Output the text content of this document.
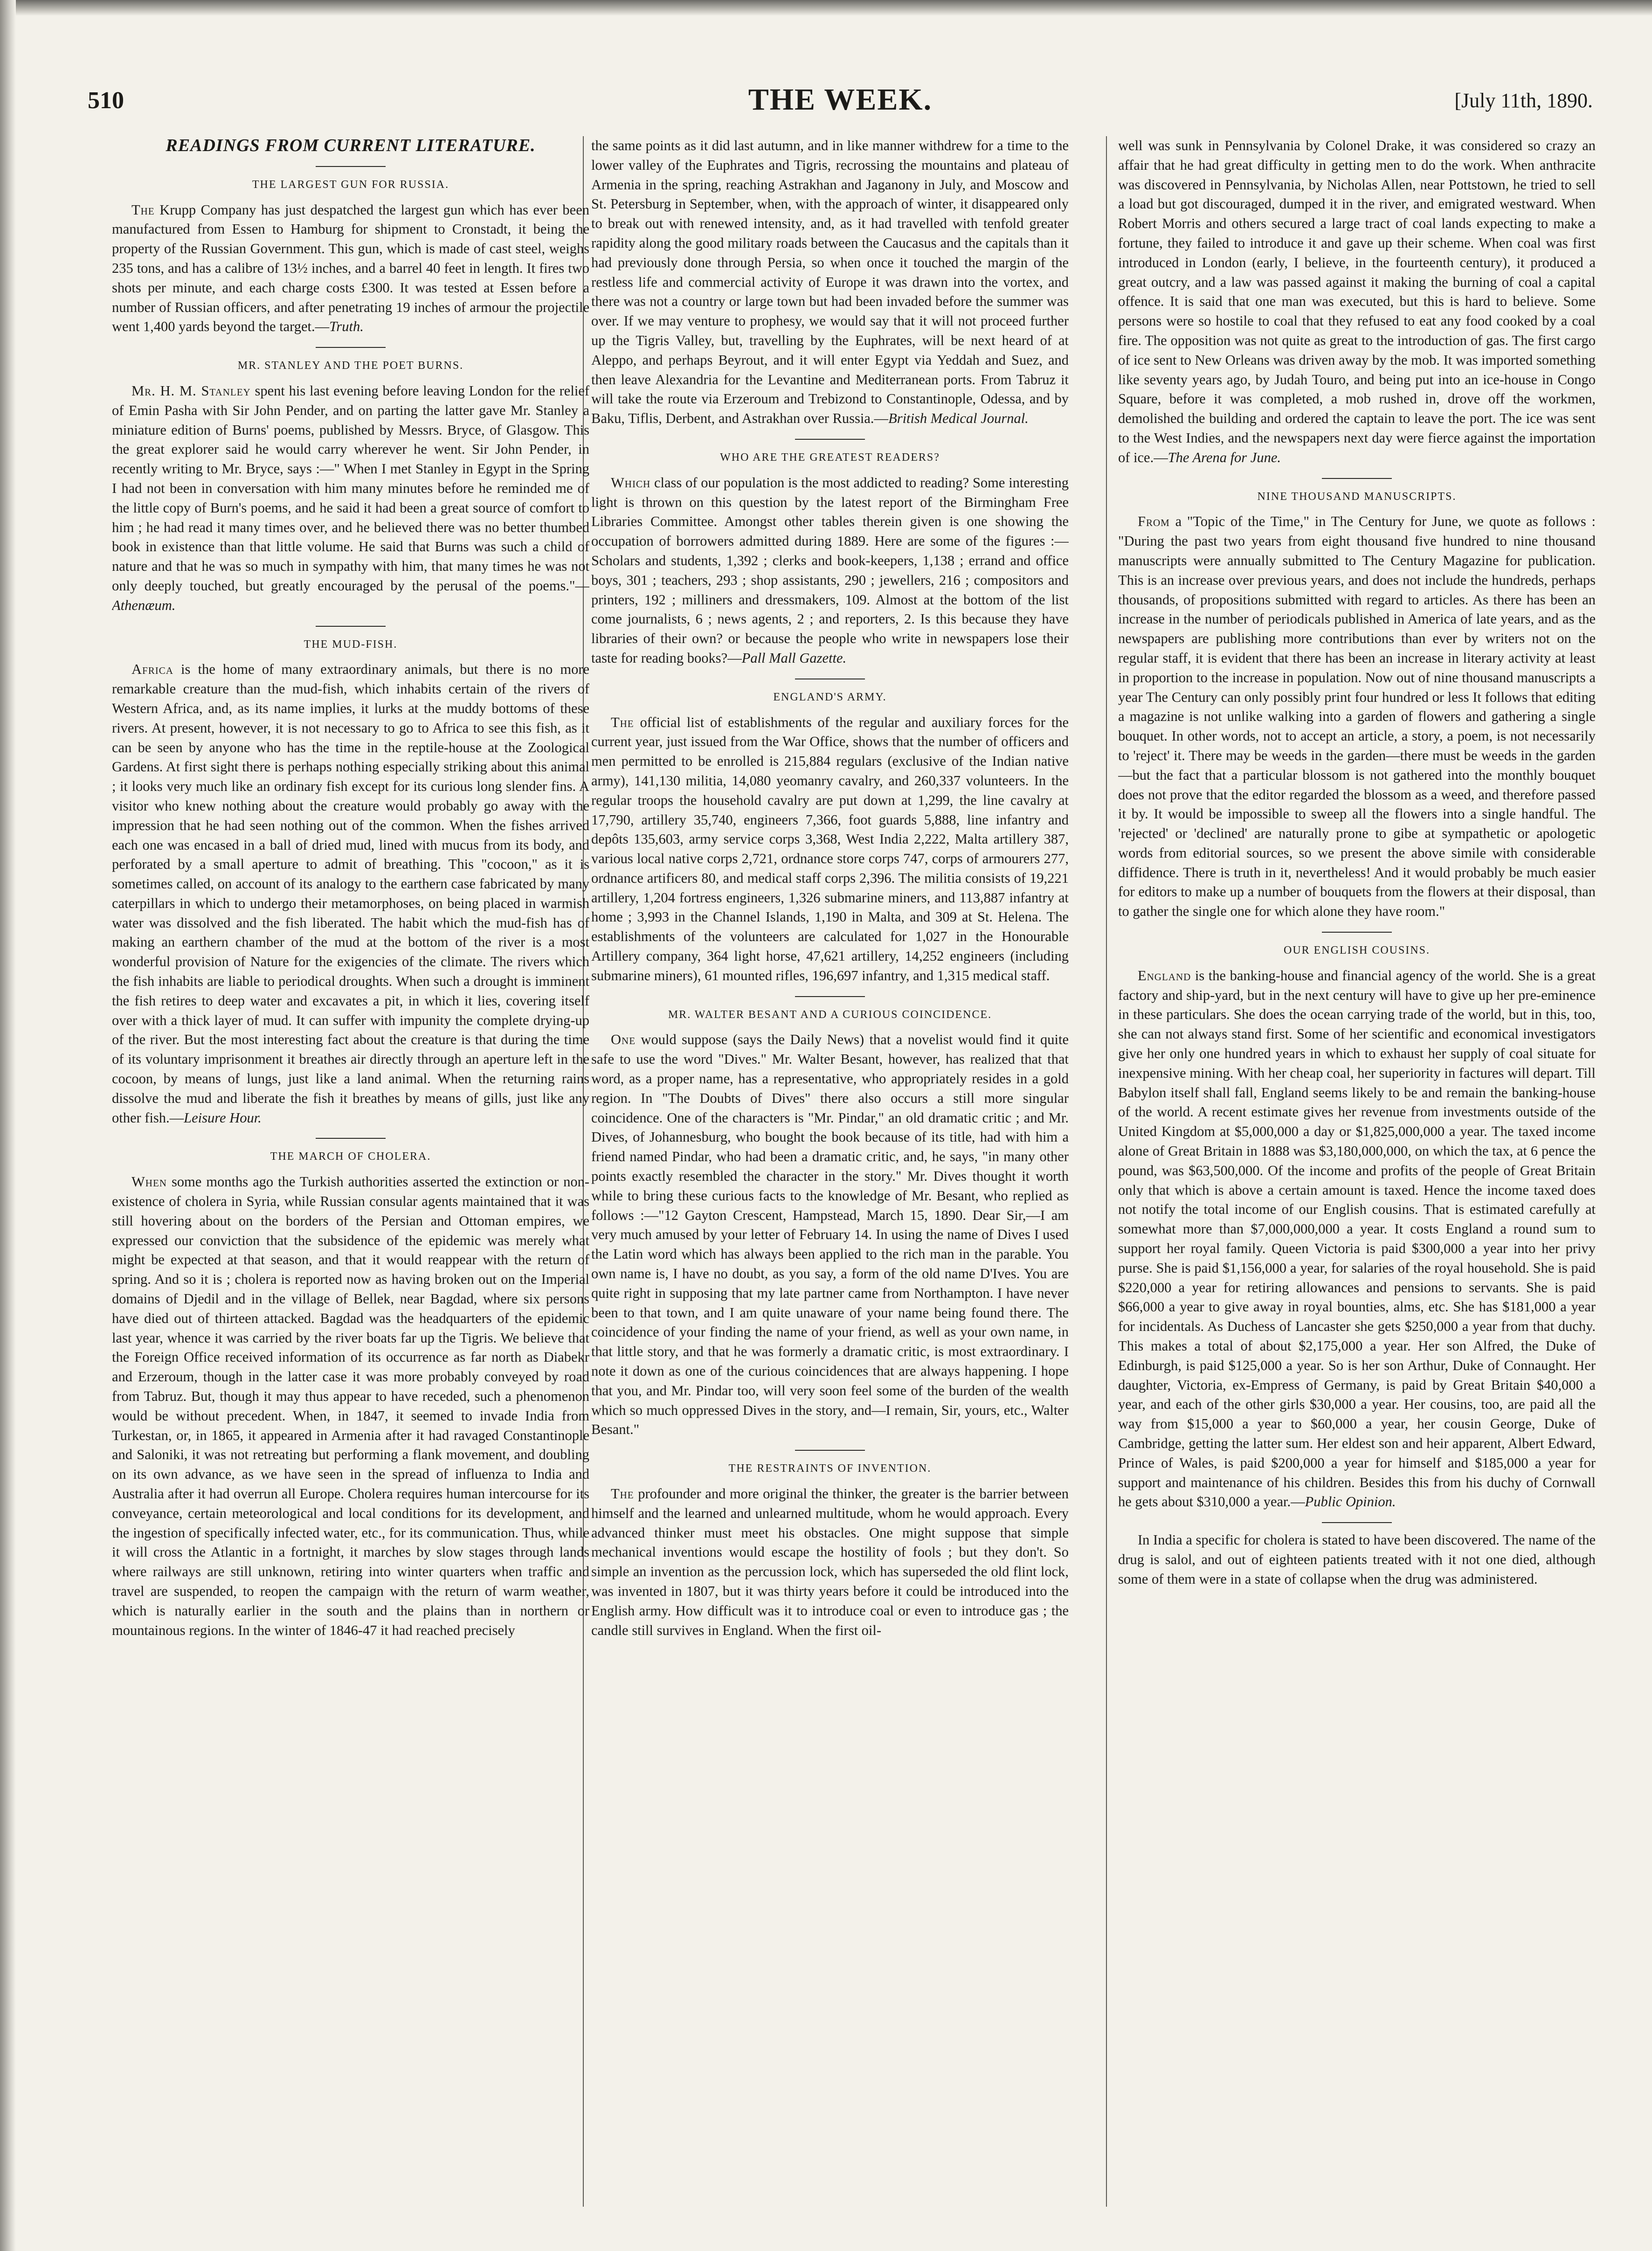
510	THE WEEK.	[July 11th, 1890.
READINGS FROM CURRENT LITERATURE.
THE LARGEST GUN FOR RUSSIA.

The Krupp Company has just despatched the largest gun which has ever been manufactured from Essen to Hamburg for shipment to Cronstadt, it being the property of the Russian Government. This gun, which is made of cast steel, weighs 235 tons, and has a calibre of 13½ inches, and a barrel 40 feet in length. It fires two shots per minute, and each charge costs £300. It was tested at Essen before a number of Russian officers, and after penetrating 19 inches of armour the projectile went 1,400 yards beyond the target.—Truth.

MR. STANLEY AND THE POET BURNS.

Mr. H. M. Stanley spent his last evening before leaving London for the relief of Emin Pasha with Sir John Pender, and on parting the latter gave Mr. Stanley a miniature edition of Burns' poems, published by Messrs. Bryce, of Glasgow. This the great explorer said he would carry wherever he went. Sir John Pender, in recently writing to Mr. Bryce, says :—" When I met Stanley in Egypt in the Spring I had not been in conversation with him many minutes before he reminded me of the little copy of Burn's poems, and he said it had been a great source of comfort to him ; he had read it many times over, and he believed there was no better thumbed book in existence than that little volume. He said that Burns was such a child of nature and that he was so much in sympathy with him, that many times he was not only deeply touched, but greatly encouraged by the perusal of the poems."—Athenæum.

THE MUD-FISH.

Africa is the home of many extraordinary animals, but there is no more remarkable creature than the mud-fish, which inhabits certain of the rivers of Western Africa, and, as its name implies, it lurks at the muddy bottoms of these rivers. At present, however, it is not necessary to go to Africa to see this fish, as it can be seen by anyone who has the time in the reptile-house at the Zoological Gardens. At first sight there is perhaps nothing especially striking about this animal ; it looks very much like an ordinary fish except for its curious long slender fins. A visitor who knew nothing about the creature would probably go away with the impression that he had seen nothing out of the common. When the fishes arrived each one was encased in a ball of dried mud, lined with mucus from its body, and perforated by a small aperture to admit of breathing. This "cocoon," as it is sometimes called, on account of its analogy to the earthern case fabricated by many caterpillars in which to undergo their metamorphoses, on being placed in warmish water was dissolved and the fish liberated. The habit which the mud-fish has of making an earthern chamber of the mud at the bottom of the river is a most wonderful provision of Nature for the exigencies of the climate. The rivers which the fish inhabits are liable to periodical droughts. When such a drought is imminent the fish retires to deep water and excavates a pit, in which it lies, covering itself over with a thick layer of mud. It can suffer with impunity the complete drying-up of the river. But the most interesting fact about the creature is that during the time of its voluntary imprisonment it breathes air directly through an aperture left in the cocoon, by means of lungs, just like a land animal. When the returning rains dissolve the mud and liberate the fish it breathes by means of gills, just like any other fish.—Leisure Hour.

THE MARCH OF CHOLERA.

When some months ago the Turkish authorities asserted the extinction or non-existence of cholera in Syria, while Russian consular agents maintained that it was still hovering about on the borders of the Persian and Ottoman empires, we expressed our conviction that the subsidence of the epidemic was merely what might be expected at that season, and that it would reappear with the return of spring. And so it is ; cholera is reported now as having broken out on the Imperial domains of Djedil and in the village of Bellek, near Bagdad, where six persons have died out of thirteen attacked. Bagdad was the headquarters of the epidemic last year, whence it was carried by the river boats far up the Tigris. We believe that the Foreign Office received information of its occurrence as far north as Diabekr and Erzeroum, though in the latter case it was more probably conveyed by road from Tabruz. But, though it may thus appear to have receded, such a phenomenon would be without precedent. When, in 1847, it seemed to invade India from Turkestan, or, in 1865, it appeared in Armenia after it had ravaged Constantinople and Saloniki, it was not retreating but performing a flank movement, and doubling on its own advance, as we have seen in the spread of influenza to India and Australia after it had overrun all Europe. Cholera requires human intercourse for its conveyance, certain meteorological and local conditions for its development, and the ingestion of specifically infected water, etc., for its communication. Thus, while it will cross the Atlantic in a fortnight, it marches by slow stages through lands where railways are still unknown, retiring into winter quarters when traffic and travel are suspended, to reopen the campaign with the return of warm weather, which is naturally earlier in the south and the plains than in northern or mountainous regions. In the winter of 1846-47 it had reached precisely

the same points as it did last autumn, and in like manner withdrew for a time to the lower valley of the Euphrates and Tigris, recrossing the mountains and plateau of Armenia in the spring, reaching Astrakhan and Jaganony in July, and Moscow and St. Petersburg in September, when, with the approach of winter, it disappeared only to break out with renewed intensity, and, as it had travelled with tenfold greater rapidity along the good military roads between the Caucasus and the capitals than it had previously done through Persia, so when once it touched the margin of the restless life and commercial activity of Europe it was drawn into the vortex, and there was not a country or large town but had been invaded before the summer was over. If we may venture to prophesy, we would say that it will not proceed further up the Tigris Valley, but, travelling by the Euphrates, will be next heard of at Aleppo, and perhaps Beyrout, and it will enter Egypt via Yeddah and Suez, and then leave Alexandria for the Levantine and Mediterranean ports. From Tabruz it will take the route via Erzeroum and Trebizond to Constantinople, Odessa, and by Baku, Tiflis, Derbent, and Astrakhan over Russia.—British Medical Journal.

WHO ARE THE GREATEST READERS?

Which class of our population is the most addicted to reading? Some interesting light is thrown on this question by the latest report of the Birmingham Free Libraries Committee. Amongst other tables therein given is one showing the occupation of borrowers admitted during 1889. Here are some of the figures :—Scholars and students, 1,392 ; clerks and book-keepers, 1,138 ; errand and office boys, 301 ; teachers, 293 ; shop assistants, 290 ; jewellers, 216 ; compositors and printers, 192 ; milliners and dressmakers, 109. Almost at the bottom of the list come journalists, 6 ; news agents, 2 ; and reporters, 2. Is this because they have libraries of their own? or because the people who write in newspapers lose their taste for reading books?—Pall Mall Gazette.

ENGLAND'S ARMY.

The official list of establishments of the regular and auxiliary forces for the current year, just issued from the War Office, shows that the number of officers and men permitted to be enrolled is 215,884 regulars (exclusive of the Indian native army), 141,130 militia, 14,080 yeomanry cavalry, and 260,337 volunteers. In the regular troops the household cavalry are put down at 1,299, the line cavalry at 17,790, artillery 35,740, engineers 7,366, foot guards 5,888, line infantry and depôts 135,603, army service corps 3,368, West India 2,222, Malta artillery 387, various local native corps 2,721, ordnance store corps 747, corps of armourers 277, ordnance artificers 80, and medical staff corps 2,396. The militia consists of 19,221 artillery, 1,204 fortress engineers, 1,326 submarine miners, and 113,887 infantry at home ; 3,993 in the Channel Islands, 1,190 in Malta, and 309 at St. Helena. The establishments of the volunteers are calculated for 1,027 in the Honourable Artillery company, 364 light horse, 47,621 artillery, 14,252 engineers (including submarine miners), 61 mounted rifles, 196,697 infantry, and 1,315 medical staff.

MR. WALTER BESANT AND A CURIOUS COINCIDENCE.

One would suppose (says the Daily News) that a novelist would find it quite safe to use the word "Dives." Mr. Walter Besant, however, has realized that that word, as a proper name, has a representative, who appropriately resides in a gold region. In "The Doubts of Dives" there also occurs a still more singular coincidence. One of the characters is "Mr. Pindar," an old dramatic critic ; and Mr. Dives, of Johannesburg, who bought the book because of its title, had with him a friend named Pindar, who had been a dramatic critic, and, he says, "in many other points exactly resembled the character in the story." Mr. Dives thought it worth while to bring these curious facts to the knowledge of Mr. Besant, who replied as follows :—"12 Gayton Crescent, Hampstead, March 15, 1890. Dear Sir,—I am very much amused by your letter of February 14. In using the name of Dives I used the Latin word which has always been applied to the rich man in the parable. You own name is, I have no doubt, as you say, a form of the old name D'Ives. You are quite right in supposing that my late partner came from Northampton. I have never been to that town, and I am quite unaware of your name being found there. The coincidence of your finding the name of your friend, as well as your own name, in that little story, and that he was formerly a dramatic critic, is most extraordinary. I note it down as one of the curious coincidences that are always happening. I hope that you, and Mr. Pindar too, will very soon feel some of the burden of the wealth which so much oppressed Dives in the story, and—I remain, Sir, yours, etc., Walter Besant."

THE RESTRAINTS OF INVENTION.

The profounder and more original the thinker, the greater is the barrier between himself and the learned and unlearned multitude, whom he would approach. Every advanced thinker must meet his obstacles. One might suppose that simple mechanical inventions would escape the hostility of fools ; but they don't. So simple an invention as the percussion lock, which has superseded the old flint lock, was invented in 1807, but it was thirty years before it could be introduced into the English army. How difficult was it to introduce coal or even to introduce gas ; the candle still survives in England. When the first oil-

well was sunk in Pennsylvania by Colonel Drake, it was considered so crazy an affair that he had great difficulty in getting men to do the work. When anthracite was discovered in Pennsylvania, by Nicholas Allen, near Pottstown, he tried to sell a load but got discouraged, dumped it in the river, and emigrated westward. When Robert Morris and others secured a large tract of coal lands expecting to make a fortune, they failed to introduce it and gave up their scheme. When coal was first introduced in London (early, I believe, in the fourteenth century), it produced a great outcry, and a law was passed against it making the burning of coal a capital offence. It is said that one man was executed, but this is hard to believe. Some persons were so hostile to coal that they refused to eat any food cooked by a coal fire. The opposition was not quite as great to the introduction of gas. The first cargo of ice sent to New Orleans was driven away by the mob. It was imported something like seventy years ago, by Judah Touro, and being put into an ice-house in Congo Square, before it was completed, a mob rushed in, drove off the workmen, demolished the building and ordered the captain to leave the port. The ice was sent to the West Indies, and the newspapers next day were fierce against the importation of ice.—The Arena for June.

NINE THOUSAND MANUSCRIPTS.

From a "Topic of the Time," in The Century for June, we quote as follows : "During the past two years from eight thousand five hundred to nine thousand manuscripts were annually submitted to The Century Magazine for publication. This is an increase over previous years, and does not include the hundreds, perhaps thousands, of propositions submitted with regard to articles. As there has been an increase in the number of periodicals published in America of late years, and as the newspapers are publishing more contributions than ever by writers not on the regular staff, it is evident that there has been an increase in literary activity at least in proportion to the increase in population. Now out of nine thousand manuscripts a year The Century can only possibly print four hundred or less It follows that editing a magazine is not unlike walking into a garden of flowers and gathering a single bouquet. In other words, not to accept an article, a story, a poem, is not necessarily to 'reject' it. There may be weeds in the garden—there must be weeds in the garden—but the fact that a particular blossom is not gathered into the monthly bouquet does not prove that the editor regarded the blossom as a weed, and therefore passed it by. It would be impossible to sweep all the flowers into a single handful. The 'rejected' or 'declined' are naturally prone to gibe at sympathetic or apologetic words from editorial sources, so we present the above simile with considerable diffidence. There is truth in it, nevertheless! And it would probably be much easier for editors to make up a number of bouquets from the flowers at their disposal, than to gather the single one for which alone they have room."

OUR ENGLISH COUSINS.

England is the banking-house and financial agency of the world. She is a great factory and ship-yard, but in the next century will have to give up her pre-eminence in these particulars. She does the ocean carrying trade of the world, but in this, too, she can not always stand first. Some of her scientific and economical investigators give her only one hundred years in which to exhaust her supply of coal situate for inexpensive mining. With her cheap coal, her superiority in factures will depart. Till Babylon itself shall fall, England seems likely to be and remain the banking-house of the world. A recent estimate gives her revenue from investments outside of the United Kingdom at $5,000,000 a day or $1,825,000,000 a year. The taxed income alone of Great Britain in 1888 was $3,180,000,000, on which the tax, at 6 pence the pound, was $63,500,000. Of the income and profits of the people of Great Britain only that which is above a certain amount is taxed. Hence the income taxed does not notify the total income of our English cousins. That is estimated carefully at somewhat more than $7,000,000,000 a year. It costs England a round sum to support her royal family. Queen Victoria is paid $300,000 a year into her privy purse. She is paid $1,156,000 a year, for salaries of the royal household. She is paid $220,000 a year for retiring allowances and pensions to servants. She is paid $66,000 a year to give away in royal bounties, alms, etc. She has $181,000 a year for incidentals. As Duchess of Lancaster she gets $250,000 a year from that duchy. This makes a total of about $2,175,000 a year. Her son Alfred, the Duke of Edinburgh, is paid $125,000 a year. So is her son Arthur, Duke of Connaught. Her daughter, Victoria, ex-Empress of Germany, is paid by Great Britain $40,000 a year, and each of the other girls $30,000 a year. Her cousins, too, are paid all the way from $15,000 a year to $60,000 a year, her cousin George, Duke of Cambridge, getting the latter sum. Her eldest son and heir apparent, Albert Edward, Prince of Wales, is paid $200,000 a year for himself and $185,000 a year for support and maintenance of his children. Besides this from his duchy of Cornwall he gets about $310,000 a year.—Public Opinion.

In India a specific for cholera is stated to have been discovered. The name of the drug is salol, and out of eighteen patients treated with it not one died, although some of them were in a state of collapse when the drug was administered.
